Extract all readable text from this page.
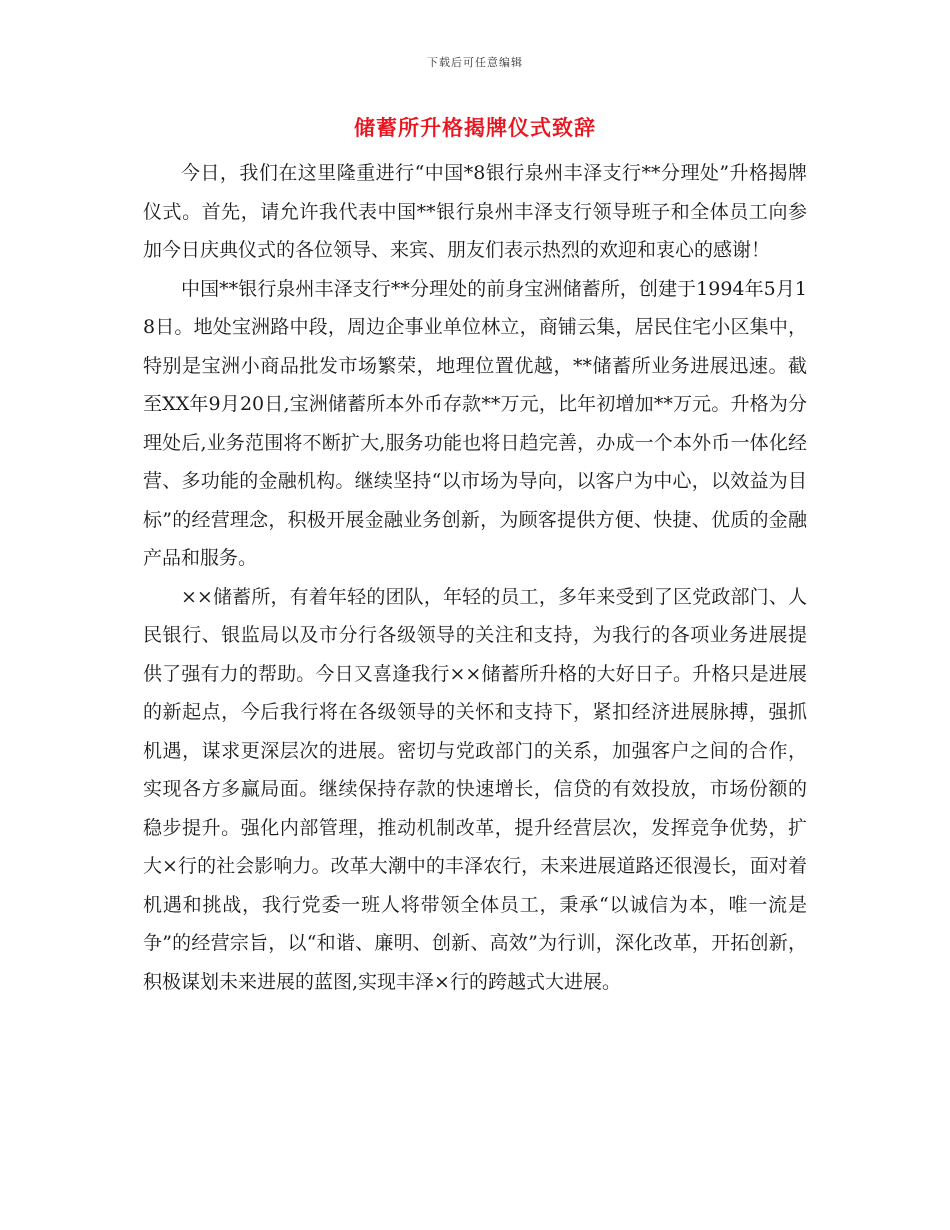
下载后可任意编辑
储蓄所升格揭牌仪式致辞

今日，我们在这里隆重进行“中国*8银行泉州丰泽支行**分理处”升格揭牌仪式。首先，请允许我代表中国**银行泉州丰泽支行领导班子和全体员工向参加今日庆典仪式的各位领导、来宾、朋友们表示热烈的欢迎和衷心的感谢！

中国**银行泉州丰泽支行**分理处的前身宝洲储蓄所，创建于1994年5月18日。地处宝洲路中段，周边企事业单位林立，商铺云集，居民住宅小区集中，特别是宝洲小商品批发市场繁荣，地理位置优越，**储蓄所业务进展迅速。截至XX年9月20日,宝洲储蓄所本外币存款**万元，比年初增加**万元。升格为分理处后,业务范围将不断扩大,服务功能也将日趋完善，办成一个本外币一体化经营、多功能的金融机构。继续坚持“以市场为导向，以客户为中心，以效益为目标”的经营理念，积极开展金融业务创新，为顾客提供方便、快捷、优质的金融产品和服务。

××储蓄所，有着年轻的团队，年轻的员工，多年来受到了区党政部门、人民银行、银监局以及市分行各级领导的关注和支持，为我行的各项业务进展提供了强有力的帮助。今日又喜逢我行××储蓄所升格的大好日子。升格只是进展的新起点，今后我行将在各级领导的关怀和支持下，紧扣经济进展脉搏，强抓机遇，谋求更深层次的进展。密切与党政部门的关系，加强客户之间的合作，实现各方多赢局面。继续保持存款的快速增长，信贷的有效投放，市场份额的稳步提升。强化内部管理，推动机制改革，提升经营层次，发挥竞争优势，扩大×行的社会影响力。改革大潮中的丰泽农行，未来进展道路还很漫长，面对着机遇和挑战，我行党委一班人将带领全体员工，秉承“以诚信为本，唯一流是争”的经营宗旨，以“和谐、廉明、创新、高效”为行训，深化改革，开拓创新，积极谋划未来进展的蓝图,实现丰泽×行的跨越式大进展。
